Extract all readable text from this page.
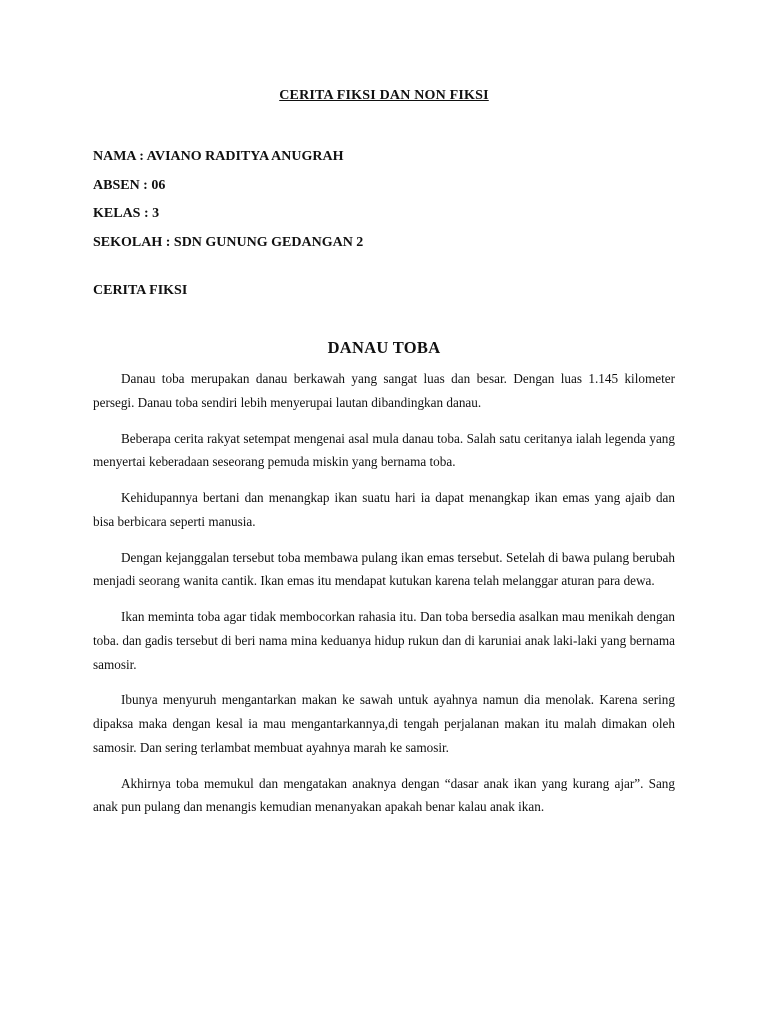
CERITA FIKSI DAN NON FIKSI
NAMA : AVIANO RADITYA ANUGRAH
ABSEN : 06
KELAS : 3
SEKOLAH : SDN GUNUNG GEDANGAN 2
CERITA FIKSI
DANAU TOBA

Danau toba merupakan danau berkawah yang sangat luas dan besar. Dengan luas 1.145 kilometer persegi. Danau toba sendiri lebih menyerupai lautan dibandingkan danau.

Beberapa cerita rakyat setempat mengenai asal mula danau toba. Salah satu ceritanya ialah legenda yang menyertai keberadaan seseorang pemuda miskin yang bernama toba.

Kehidupannya bertani dan menangkap ikan suatu hari ia dapat menangkap ikan emas yang ajaib dan bisa berbicara seperti manusia.

Dengan kejanggalan tersebut toba membawa pulang ikan emas tersebut. Setelah di bawa pulang berubah menjadi seorang wanita cantik. Ikan emas itu mendapat kutukan karena telah melanggar aturan para dewa.

Ikan meminta toba agar tidak membocorkan rahasia itu. Dan toba bersedia asalkan mau menikah dengan toba. dan gadis tersebut di beri nama mina keduanya hidup rukun dan di karuniai anak laki-laki yang bernama samosir.

Ibunya menyuruh mengantarkan makan ke sawah untuk ayahnya namun dia menolak. Karena sering dipaksa maka dengan kesal ia mau mengantarkannya,di tengah perjalanan makan itu malah dimakan oleh samosir. Dan sering terlambat membuat ayahnya marah ke samosir.

Akhirnya toba memukul dan mengatakan anaknya dengan “dasar anak ikan yang kurang ajar”. Sang anak pun pulang dan menangis kemudian menanyakan apakah benar kalau anak ikan.
